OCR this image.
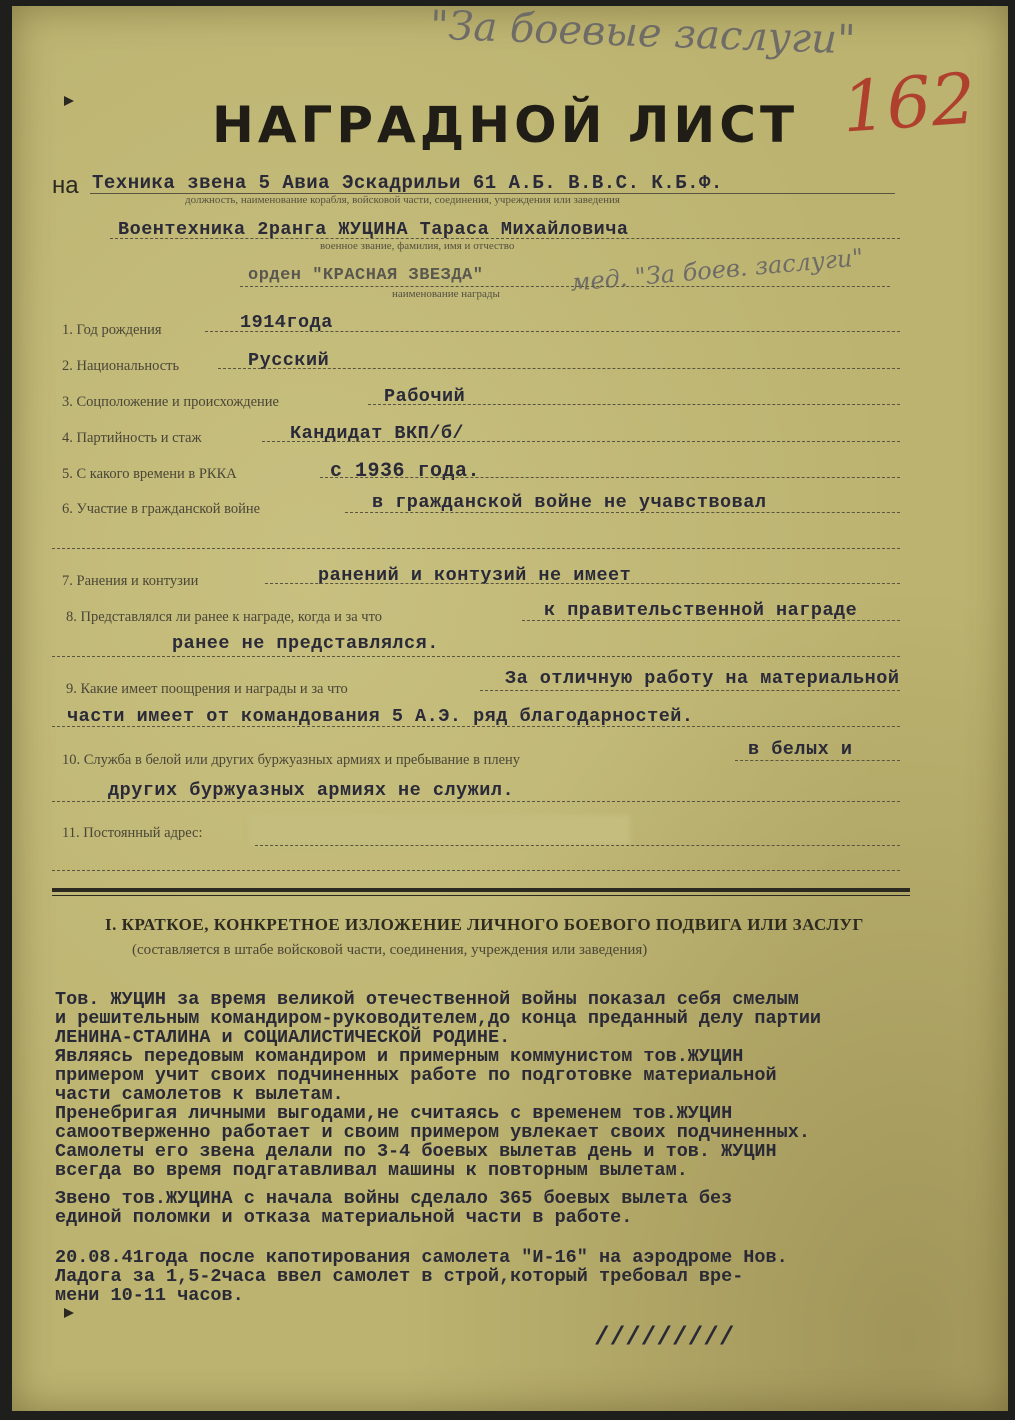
"За боевые заслуги"
162
НАГРАДНОЙ ЛИСТ
на Техника звена 5 Авиа Эскадрильи 61 А.Б. В.В.С. К.Б.Ф.
должность, наименование корабля, войсковой части, соединения, учреждения или заведения
Воентехника 2ранга ЖУЦИНА Тараса Михайловича
военное звание, фамилия, имя и отчество
орден "КРАСНАЯ ЗВЕЗДА"	мед. "За боев. заслуги"
наименование награды
1. Год рождения	1914года
2. Национальность	Русский
3. Соцположение и происхождение	Рабочий
4. Партийность и стаж	Кандидат ВКП/б/
5. С какого времени в РККА	с 1936 года.
6. Участие в гражданской войне	в гражданской войне не учавствовал
7. Ранения и контузии	ранений и контузий не имеет
8. Представлялся ли ранее к награде, когда и за что	к правительственной награде
ранее не представлялся.
9. Какие имеет поощрения и награды и за что	За отличную работу на материальной
части имеет от командования 5 А.Э. ряд благодарностей.
10. Служба в белой или других буржуазных армиях и пребывание в плену	в белых и
других буржуазных армиях не служил.
11. Постоянный адрес:
I. КРАТКОЕ, КОНКРЕТНОЕ ИЗЛОЖЕНИЕ ЛИЧНОГО БОЕВОГО ПОДВИГА ИЛИ ЗАСЛУГ
(составляется в штабе войсковой части, соединения, учреждения или заведения)
Тов. ЖУЦИН за время великой отечественной войны показал себя смелым
и решительным командиром-руководителем,до конца преданный делу партии
ЛЕНИНА-СТАЛИНА и СОЦИАЛИСТИЧЕСКОЙ РОДИНЕ.
Являясь передовым командиром и примерным коммунистом тов.ЖУЦИН
примером учит своих подчиненных работе по подготовке материальной
части самолетов к вылетам.
Пренебригая личными выгодами,не считаясь с временем тов.ЖУЦИН
самоотверженно работает и своим примером увлекает своих подчиненных.
Самолеты его звена делали по 3-4 боевых вылетав день и тов. ЖУЦИН
всегда во время подгатавливал машины к повторным вылетам.
Звено тов.ЖУЦИНА с начала войны сделало 365 боевых вылета без
единой поломки и отказа материальной части в работе.
20.08.41года после капотирования самолета "И-16" на аэродроме Нов.
Ладога за 1,5-2часа ввел самолет в строй,который требовал вре-
мени 10-11 часов.
/////////
